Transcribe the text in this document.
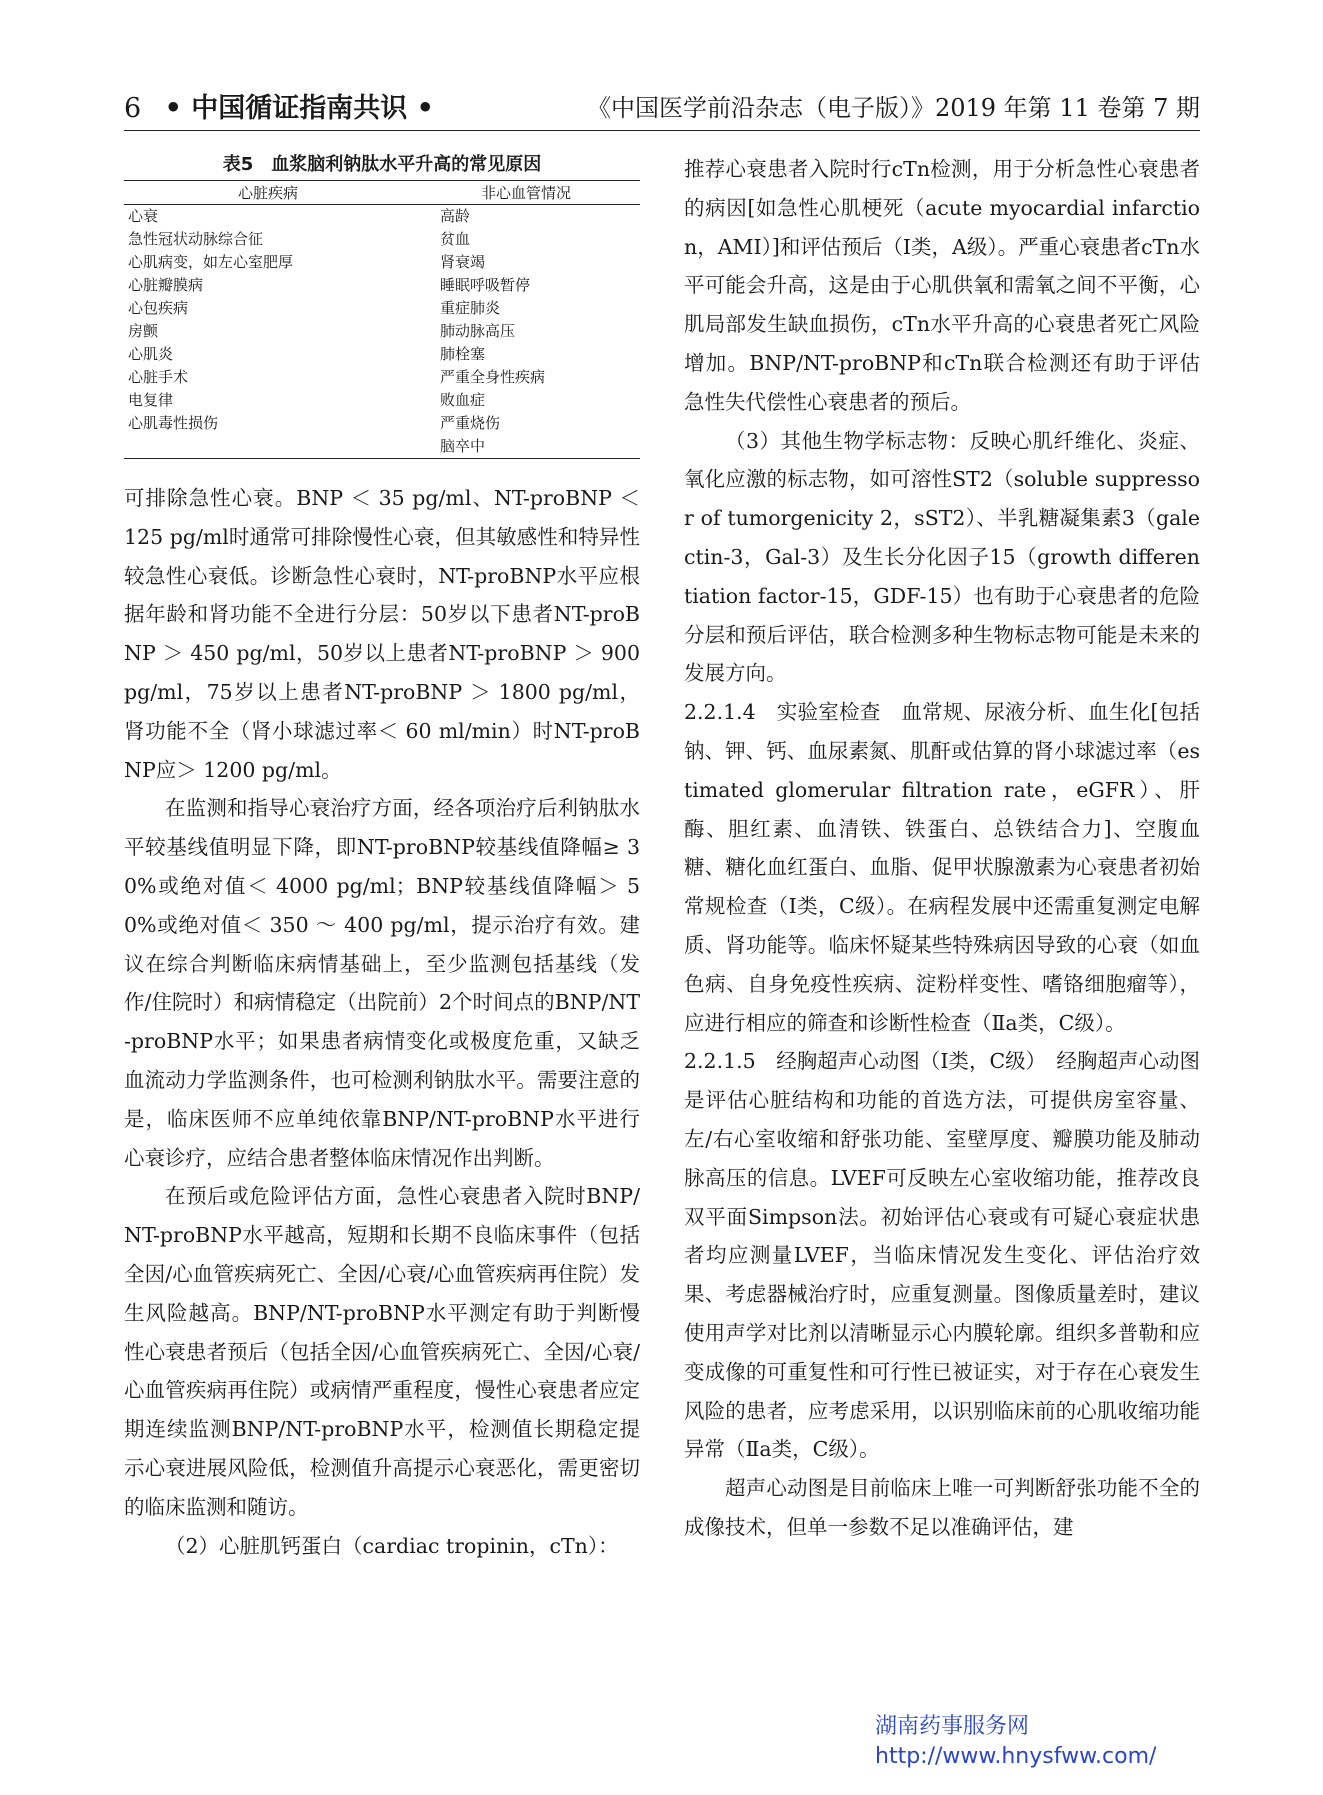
6 • 中国循证指南共识 •	《中国医学前沿杂志（电子版）》2019 年第 11 卷第 7 期
表5　血浆脑利钠肽水平升高的常见原因
心脏疾病	非心血管情况
心衰	高龄
急性冠状动脉综合征	贫血
心肌病变，如左心室肥厚	肾衰竭
心脏瓣膜病	睡眠呼吸暂停
心包疾病	重症肺炎
房颤	肺动脉高压
心肌炎	肺栓塞
心脏手术	严重全身性疾病
电复律	败血症
心肌毒性损伤	严重烧伤
	脑卒中

可排除急性心衰。BNP ＜ 35 pg/ml、NT-proBNP ＜ 125 pg/ml时通常可排除慢性心衰，但其敏感性和特异性较急性心衰低。诊断急性心衰时，NT-proBNP水平应根据年龄和肾功能不全进行分层：50岁以下患者NT-proBNP ＞ 450 pg/ml，50岁以上患者NT-proBNP ＞ 900 pg/ml，75岁以上患者NT-proBNP ＞ 1800 pg/ml，肾功能不全（肾小球滤过率＜ 60 ml/min）时NT-proBNP应＞ 1200 pg/ml。

在监测和指导心衰治疗方面，经各项治疗后利钠肽水平较基线值明显下降，即NT-proBNP较基线值降幅≥ 30%或绝对值＜ 4000 pg/ml；BNP较基线值降幅＞ 50%或绝对值＜ 350 ～ 400 pg/ml，提示治疗有效。建议在综合判断临床病情基础上，至少监测包括基线（发作/住院时）和病情稳定（出院前）2个时间点的BNP/NT-proBNP水平；如果患者病情变化或极度危重，又缺乏血流动力学监测条件，也可检测利钠肽水平。需要注意的是，临床医师不应单纯依靠BNP/NT-proBNP水平进行心衰诊疗，应结合患者整体临床情况作出判断。

在预后或危险评估方面，急性心衰患者入院时BNP/NT-proBNP水平越高，短期和长期不良临床事件（包括全因/心血管疾病死亡、全因/心衰/心血管疾病再住院）发生风险越高。BNP/NT-proBNP水平测定有助于判断慢性心衰患者预后（包括全因/心血管疾病死亡、全因/心衰/心血管疾病再住院）或病情严重程度，慢性心衰患者应定期连续监测BNP/NT-proBNP水平，检测值长期稳定提示心衰进展风险低，检测值升高提示心衰恶化，需更密切的临床监测和随访。

（2）心脏肌钙蛋白（cardiac tropinin，cTn）：

推荐心衰患者入院时行cTn检测，用于分析急性心衰患者的病因[如急性心肌梗死（acute myocardial infarction，AMI）]和评估预后（Ⅰ类，A级）。严重心衰患者cTn水平可能会升高，这是由于心肌供氧和需氧之间不平衡，心肌局部发生缺血损伤，cTn水平升高的心衰患者死亡风险增加。BNP/NT-proBNP和cTn联合检测还有助于评估急性失代偿性心衰患者的预后。

（3）其他生物学标志物：反映心肌纤维化、炎症、氧化应激的标志物，如可溶性ST2（soluble suppressor of tumorgenicity 2，sST2）、半乳糖凝集素3（galectin-3，Gal-3）及生长分化因子15（growth differentiation factor-15，GDF-15）也有助于心衰患者的危险分层和预后评估，联合检测多种生物标志物可能是未来的发展方向。

2.2.1.4　实验室检查　血常规、尿液分析、血生化[包括钠、钾、钙、血尿素氮、肌酐或估算的肾小球滤过率（estimated glomerular filtration rate，eGFR）、肝酶、胆红素、血清铁、铁蛋白、总铁结合力]、空腹血糖、糖化血红蛋白、血脂、促甲状腺激素为心衰患者初始常规检查（Ⅰ类，C级）。在病程发展中还需重复测定电解质、肾功能等。临床怀疑某些特殊病因导致的心衰（如血色病、自身免疫性疾病、淀粉样变性、嗜铬细胞瘤等），应进行相应的筛查和诊断性检查（Ⅱa类，C级）。

2.2.1.5　经胸超声心动图（Ⅰ类，C级）　经胸超声心动图是评估心脏结构和功能的首选方法，可提供房室容量、左/右心室收缩和舒张功能、室壁厚度、瓣膜功能及肺动脉高压的信息。LVEF可反映左心室收缩功能，推荐改良双平面Simpson法。初始评估心衰或有可疑心衰症状患者均应测量LVEF，当临床情况发生变化、评估治疗效果、考虑器械治疗时，应重复测量。图像质量差时，建议使用声学对比剂以清晰显示心内膜轮廓。组织多普勒和应变成像的可重复性和可行性已被证实，对于存在心衰发生风险的患者，应考虑采用，以识别临床前的心肌收缩功能异常（Ⅱa类，C级）。

超声心动图是目前临床上唯一可判断舒张功能不全的成像技术，但单一参数不足以准确评估，建

湖南药事服务网
http://www.hnysfww.com/
